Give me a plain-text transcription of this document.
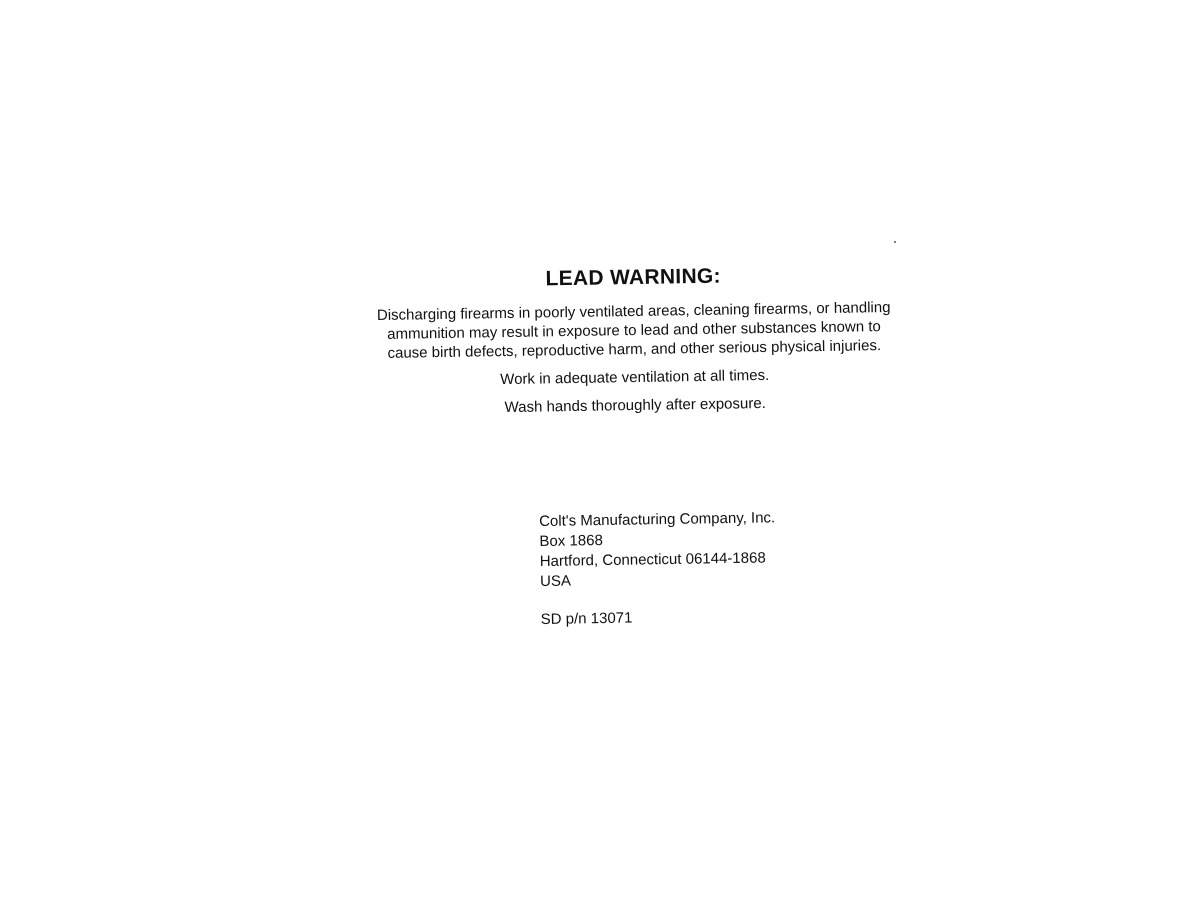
LEAD WARNING:
Discharging firearms in poorly ventilated areas, cleaning firearms, or handling
ammunition may result in exposure to lead and other substances known to
cause birth defects, reproductive harm, and other serious physical injuries.
Work in adequate ventilation at all times.
Wash hands thoroughly after exposure.
Colt's Manufacturing Company, Inc.
Box 1868
Hartford, Connecticut 06144-1868
USA
SD p/n 13071
